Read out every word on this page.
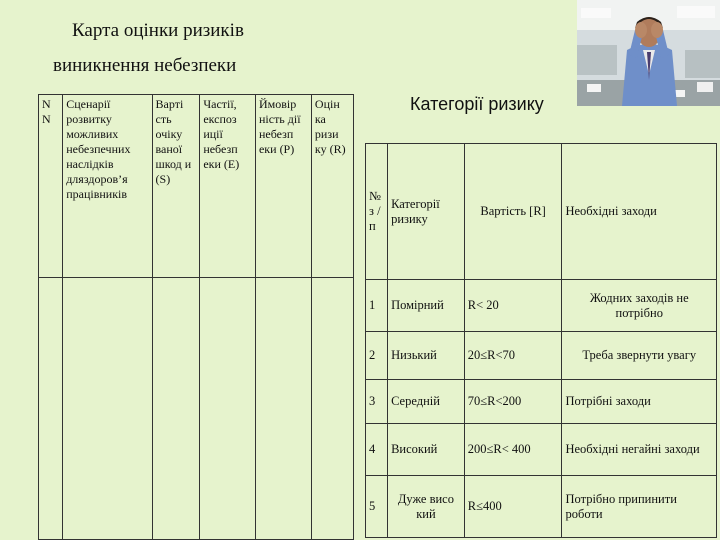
Карта оцінки ризиків
виникнення небезпеки
Категорії ризику
N N	Сценарії розвитку можливих небезпечних наслідків дляздоров’я працівників	Варті сть очіку ваної шкод и (S)	Частії, експоз иції небезп еки (E)	Ймовір ність дії небезп еки (P)	Оцін ка ризи ку (R)

№ з / п	Категорії ризику	Вартість [R]	Необхідні заходи
1	Помірний	R< 20	Жодних заходів не потрібно
2	Низький	20≤R<70	Треба звернути увагу
3	Середній	70≤R<200	Потрібні заходи
4	Високий	200≤R< 400	Необхідні негайні заходи
5	Дуже висо кий	R≤400	Потрібно припинити роботи
